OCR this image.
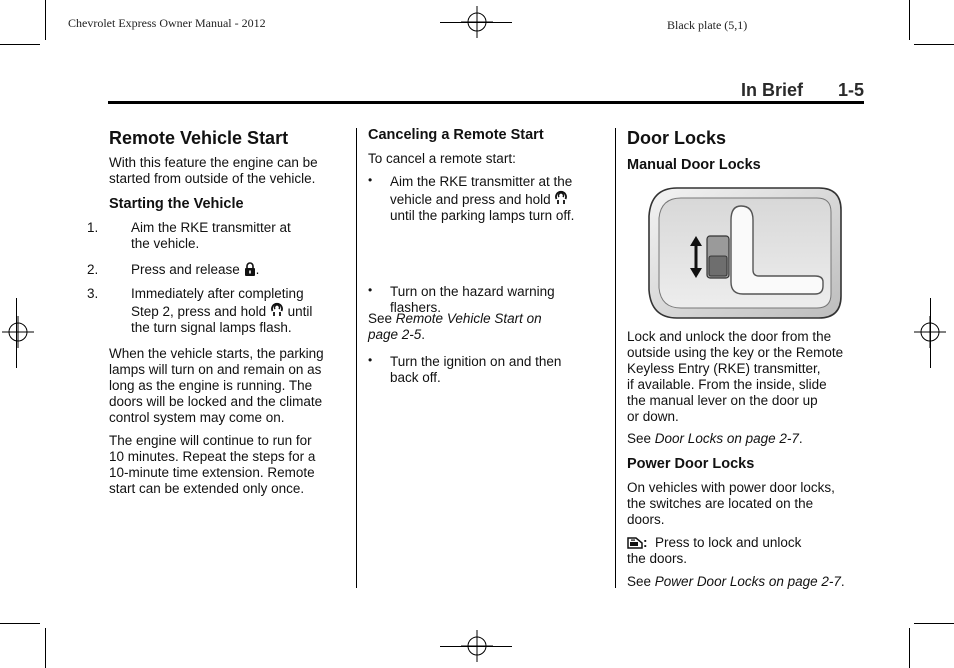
Chevrolet Express Owner Manual - 2012	Black plate (5,1)
In Brief 1-5
Remote Vehicle Start
With this feature the engine can be
started from outside of the vehicle.
Starting the Vehicle
1. Aim the RKE transmitter at
the vehicle.
2. Press and release .
3. Immediately after completing
Step 2, press and hold until
the turn signal lamps flash.
When the vehicle starts, the parking
lamps will turn on and remain on as
long as the engine is running. The
doors will be locked and the climate
control system may come on.
The engine will continue to run for
10 minutes. Repeat the steps for a
10-minute time extension. Remote
start can be extended only once.
Canceling a Remote Start
To cancel a remote start:
• Aim the RKE transmitter at the
vehicle and press and hold
until the parking lamps turn off.
• Turn on the hazard warning
flashers.
• Turn the ignition on and then
back off.
See Remote Vehicle Start on
page 2-5.
Door Locks
Manual Door Locks
Lock and unlock the door from the
outside using the key or the Remote
Keyless Entry (RKE) transmitter,
if available. From the inside, slide
the manual lever on the door up
or down.
See Door Locks on page 2-7.
Power Door Locks
On vehicles with power door locks,
the switches are located on the
doors.
: Press to lock and unlock
the doors.
See Power Door Locks on page 2-7.
